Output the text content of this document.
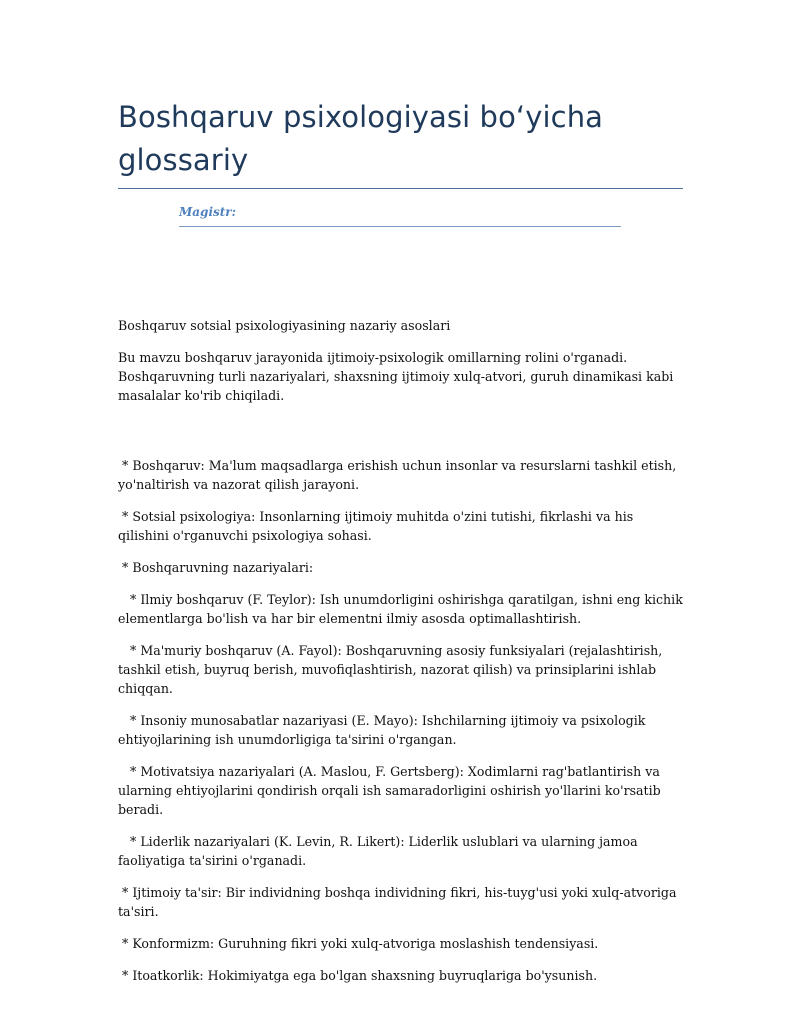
Boshqaruv psixologiyasi boʻyicha glossariy
Magistr:

Boshqaruv sotsial psixologiyasining nazariy asoslari

Bu mavzu boshqaruv jarayonida ijtimoiy-psixologik omillarning rolini o'rganadi. Boshqaruvning turli nazariyalari, shaxsning ijtimoiy xulq-atvori, guruh dinamikasi kabi masalalar ko'rib chiqiladi.

* Boshqaruv: Ma'lum maqsadlarga erishish uchun insonlar va resurslarni tashkil etish, yo'naltirish va nazorat qilish jarayoni.

* Sotsial psixologiya: Insonlarning ijtimoiy muhitda o'zini tutishi, fikrlashi va his qilishini o'rganuvchi psixologiya sohasi.

* Boshqaruvning nazariyalari:

* Ilmiy boshqaruv (F. Teylor): Ish unumdorligini oshirishga qaratilgan, ishni eng kichik elementlarga bo'lish va har bir elementni ilmiy asosda optimallashtirish.

* Ma'muriy boshqaruv (A. Fayol): Boshqaruvning asosiy funksiyalari (rejalashtirish, tashkil etish, buyruq berish, muvofiqlashtirish, nazorat qilish) va prinsiplarini ishlab chiqqan.

* Insoniy munosabatlar nazariyasi (E. Mayo): Ishchilarning ijtimoiy va psixologik ehtiyojlarining ish unumdorligiga ta'sirini o'rgangan.

* Motivatsiya nazariyalari (A. Maslou, F. Gertsberg): Xodimlarni rag'batlantirish va ularning ehtiyojlarini qondirish orqali ish samaradorligini oshirish yo'llarini ko'rsatib beradi.

* Liderlik nazariyalari (K. Levin, R. Likert): Liderlik uslublari va ularning jamoa faoliyatiga ta'sirini o'rganadi.

* Ijtimoiy ta'sir: Bir individning boshqa individning fikri, his-tuyg'usi yoki xulq-atvoriga ta'siri.

* Konformizm: Guruhning fikri yoki xulq-atvoriga moslashish tendensiyasi.

* Itoatkorlik: Hokimiyatga ega bo'lgan shaxsning buyruqlariga bo'ysunish.
